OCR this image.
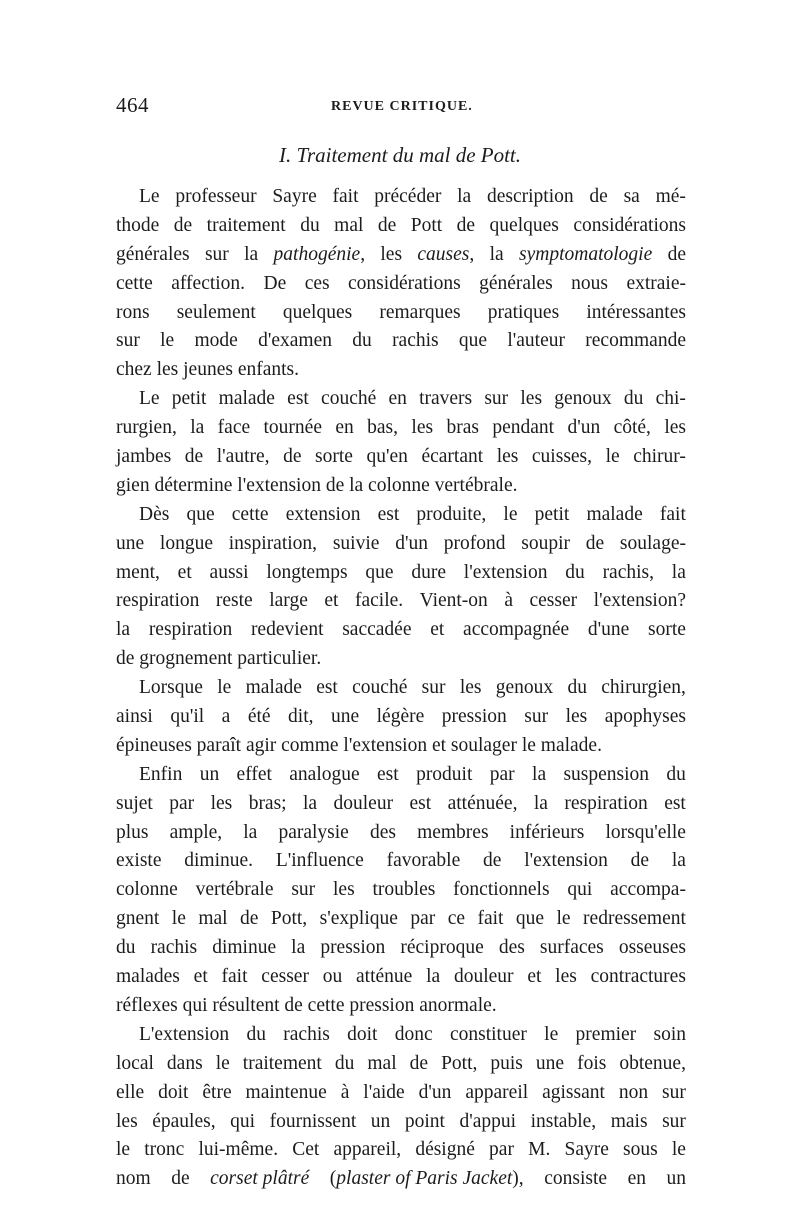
464	REVUE CRITIQUE.
I. Traitement du mal de Pott.
Le professeur Sayre fait précéder la description de sa mé-
thode de traitement du mal de Pott de quelques considérations
générales sur la pathogénie, les causes, la symptomatologie de
cette affection. De ces considérations générales nous extraie-
rons seulement quelques remarques pratiques intéressantes
sur le mode d'examen du rachis que l'auteur recommande
chez les jeunes enfants.
Le petit malade est couché en travers sur les genoux du chi-
rurgien, la face tournée en bas, les bras pendant d'un côté, les
jambes de l'autre, de sorte qu'en écartant les cuisses, le chirur-
gien détermine l'extension de la colonne vertébrale.
Dès que cette extension est produite, le petit malade fait
une longue inspiration, suivie d'un profond soupir de soulage-
ment, et aussi longtemps que dure l'extension du rachis, la
respiration reste large et facile. Vient-on à cesser l'extension?
la respiration redevient saccadée et accompagnée d'une sorte
de grognement particulier.
Lorsque le malade est couché sur les genoux du chirurgien,
ainsi qu'il a été dit, une légère pression sur les apophyses
épineuses paraît agir comme l'extension et soulager le malade.
Enfin un effet analogue est produit par la suspension du
sujet par les bras; la douleur est atténuée, la respiration est
plus ample, la paralysie des membres inférieurs lorsqu'elle
existe diminue. L'influence favorable de l'extension de la
colonne vertébrale sur les troubles fonctionnels qui accompa-
gnent le mal de Pott, s'explique par ce fait que le redressement
du rachis diminue la pression réciproque des surfaces osseuses
malades et fait cesser ou atténue la douleur et les contractures
réflexes qui résultent de cette pression anormale.
L'extension du rachis doit donc constituer le premier soin
local dans le traitement du mal de Pott, puis une fois obtenue,
elle doit être maintenue à l'aide d'un appareil agissant non sur
les épaules, qui fournissent un point d'appui instable, mais sur
le tronc lui-même. Cet appareil, désigné par M. Sayre sous le
nom de corset plâtré (plaster of Paris Jacket), consiste en un
